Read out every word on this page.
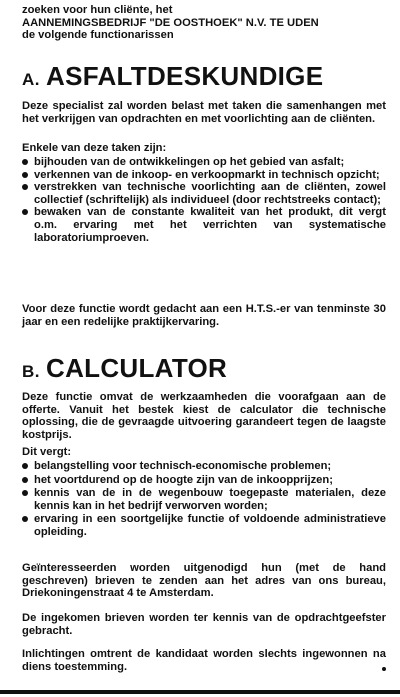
zoeken voor hun cliënte, het
AANNEMINGSBEDRIJF "DE OOSTHOEK" N.V. TE UDEN
de volgende functionarissen
A. ASFALTDESKUNDIGE

Deze specialist zal worden belast met taken die samenhangen met het verkrijgen van opdrachten en met voorlichting aan de cliënten.

Enkele van deze taken zijn:

bijhouden van de ontwikkelingen op het gebied van asfalt;
verkennen van de inkoop- en verkoopmarkt in technisch opzicht;
verstrekken van technische voorlichting aan de cliënten, zowel collectief (schriftelijk) als individueel (door rechtstreeks contact);
bewaken van de constante kwaliteit van het produkt, dit vergt o.m. ervaring met het verrichten van systematische laboratoriumproeven.

Voor deze functie wordt gedacht aan een H.T.S.-er van tenminste 30 jaar en een redelijke praktijkervaring.

B. CALCULATOR

Deze functie omvat de werkzaamheden die voorafgaan aan de offerte. Vanuit het bestek kiest de calculator die technische oplossing, die de gevraagde uitvoering garandeert tegen de laagste kostprijs.

Dit vergt:

belangstelling voor technisch-economische problemen;
het voortdurend op de hoogte zijn van de inkoopprijzen;
kennis van de in de wegenbouw toegepaste materialen, deze kennis kan in het bedrijf verworven worden;
ervaring in een soortgelijke functie of voldoende administratieve opleiding.

Geïnteresseerden worden uitgenodigd hun (met de hand geschreven) brieven te zenden aan het adres van ons bureau, Driekoningenstraat 4 te Amsterdam.

De ingekomen brieven worden ter kennis van de opdrachtgeefster gebracht.

Inlichtingen omtrent de kandidaat worden slechts ingewonnen na diens toestemming.
